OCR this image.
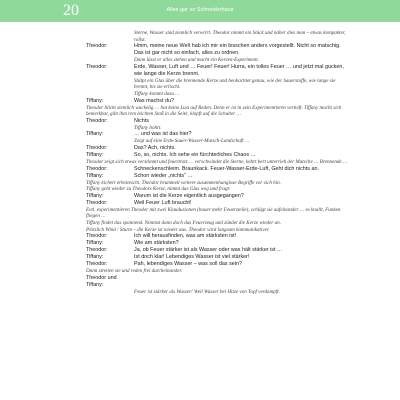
20	Alles gar so Schneiderhaus
Sterne, Wasser sind ziemlich verwirrt. Theodor nimmt ein Stück und näher dies man – etwas kompakter, rollst.
Theodor:	Hmm, meine neue Welt hab ich mir ein bisschen anders vorgestellt. Nicht so matschig. Das ist gar nicht so einfach, alles zu ordnen.
Dann lässt er alles stehen und macht ein Kerzen-Experiment.
Theodor:	Erde, Wasser, Luft und … Feuer! Feuer! Hurra, ein tolles Feuer … und jetzt mal gucken, wie lange die Kerze brennt.
Stülpt ein Glas über die brennende Kerze und beobachtet genau, wie der Sauerstoffe, wie lange sie brennt, bis sie erlischt.
Tiffany kommt dazu …
Tiffany:	Was machst du?
Theodor blickt ziemlich wackelig … hat keine Lust auf Reden. Denn er ist in sein Experimentieren vertieft. Tiffany macht sich bemerkbar, gibt ihm rem leichten Stoß in die Seite, klopft auf die Schulter …
Theodor:	Nichts
Tiffany bohrt.
Tiffany:	… und was ist das hier?
Zeigt auf eine Erde-Sauer-Wasser-Matsch-Landschaft …
Theodor:	Das? Ach, nichts.
Tiffany:	So, so, nichts. Ich sehe ein fürchterliches Chaos …
Theodor zeigt sich etwas verstimmt und feuertrotz … verschwindet die Sterne, kehrt bert unterrieh der Matsche … Brennende …
Theodor:	Schneckenschleim. Braunkack. Feuer-Wasser-Erde-Luft, Geht dich nichts an.
Tiffany:	Schon wieder „nichts“ …
Tiffany kichert erheitescht. Theodor brummelt weitere zusammenhanglose Begriffe vor sich hin.
Tiffany geht wieder zu Theodors Kerze, nimmt das Glas weg und fragt:
Tiffany:	Warum ist die Kerze eigentlich ausgegangen?
Theodor:	Weil Feuer Luft braucht!
Evtl. experimentieren Theodor mit zwei Klaudusionen (bauer mehr Feuersteile), schlägt sie aufeinander … es knallt, Funken fliegen …
Tiffany findet das spannend. Nimmst dann doch das Feuerzeug und zündet die Kerze wieder an.
Plötzlich Wind / Sturm – die Kerze ist wieder aus. Theodor wird langsam kommunikativer.
Theodor:	Ich will herausfinden, was am stärksten ist!
Tiffany:	Wie am stärksten?
Theodor:	Ja, ob Feuer stärker ist als Wasser oder was hält stärker ist …
Tiffany:	Ist doch klar! Lebendiges Wasser ist viel stärker!
Theodor:	Pah, lebendiges Wasser – was soll das sein?
Dann streiten sie und reden frei durcheinander.
Theodor und Tiffany:
Feuer ist stärker als Wasser! Weil Wasser bei Hitze von Topf verdampft.
